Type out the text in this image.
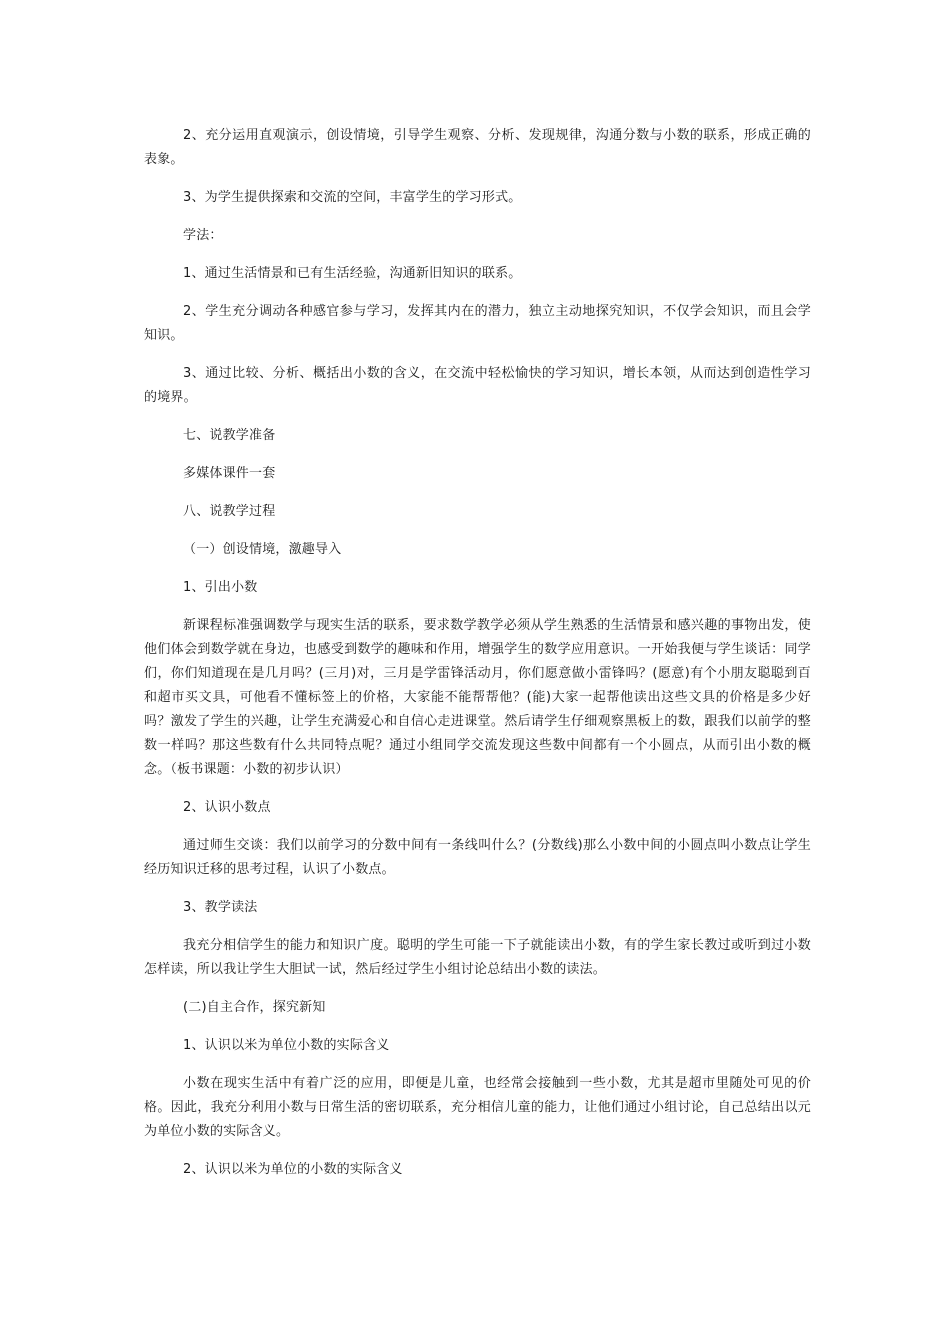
2、充分运用直观演示，创设情境，引导学生观察、分析、发现规律，沟通分数与小数的联系，形成正确的表象。

3、为学生提供探索和交流的空间，丰富学生的学习形式。

学法：

1、通过生活情景和已有生活经验，沟通新旧知识的联系。

2、学生充分调动各种感官参与学习，发挥其内在的潜力，独立主动地探究知识，不仅学会知识，而且会学知识。

3、通过比较、分析、概括出小数的含义，在交流中轻松愉快的学习知识，增长本领，从而达到创造性学习的境界。

七、说教学准备

多媒体课件一套

八、说教学过程

（一）创设情境，激趣导入

1、引出小数

新课程标准强调数学与现实生活的联系，要求数学教学必须从学生熟悉的生活情景和感兴趣的事物出发，使他们体会到数学就在身边，也感受到数学的趣味和作用，增强学生的数学应用意识。一开始我便与学生谈话：同学们，你们知道现在是几月吗？(三月)对，三月是学雷锋活动月，你们愿意做小雷锋吗？(愿意)有个小朋友聪聪到百和超市买文具，可他看不懂标签上的价格，大家能不能帮帮他？(能)大家一起帮他读出这些文具的价格是多少好吗？激发了学生的兴趣，让学生充满爱心和自信心走进课堂。然后请学生仔细观察黑板上的数，跟我们以前学的整数一样吗？那这些数有什么共同特点呢？通过小组同学交流发现这些数中间都有一个小圆点，从而引出小数的概念。（板书课题：小数的初步认识）

2、认识小数点

通过师生交谈：我们以前学习的分数中间有一条线叫什么？(分数线)那么小数中间的小圆点叫小数点让学生经历知识迁移的思考过程，认识了小数点。

3、教学读法

我充分相信学生的能力和知识广度。聪明的学生可能一下子就能读出小数，有的学生家长教过或听到过小数怎样读，所以我让学生大胆试一试，然后经过学生小组讨论总结出小数的读法。

(二)自主合作，探究新知

1、认识以米为单位小数的实际含义

小数在现实生活中有着广泛的应用，即便是儿童，也经常会接触到一些小数，尤其是超市里随处可见的价格。因此，我充分利用小数与日常生活的密切联系，充分相信儿童的能力，让他们通过小组讨论，自己总结出以元为单位小数的实际含义。

2、认识以米为单位的小数的实际含义
